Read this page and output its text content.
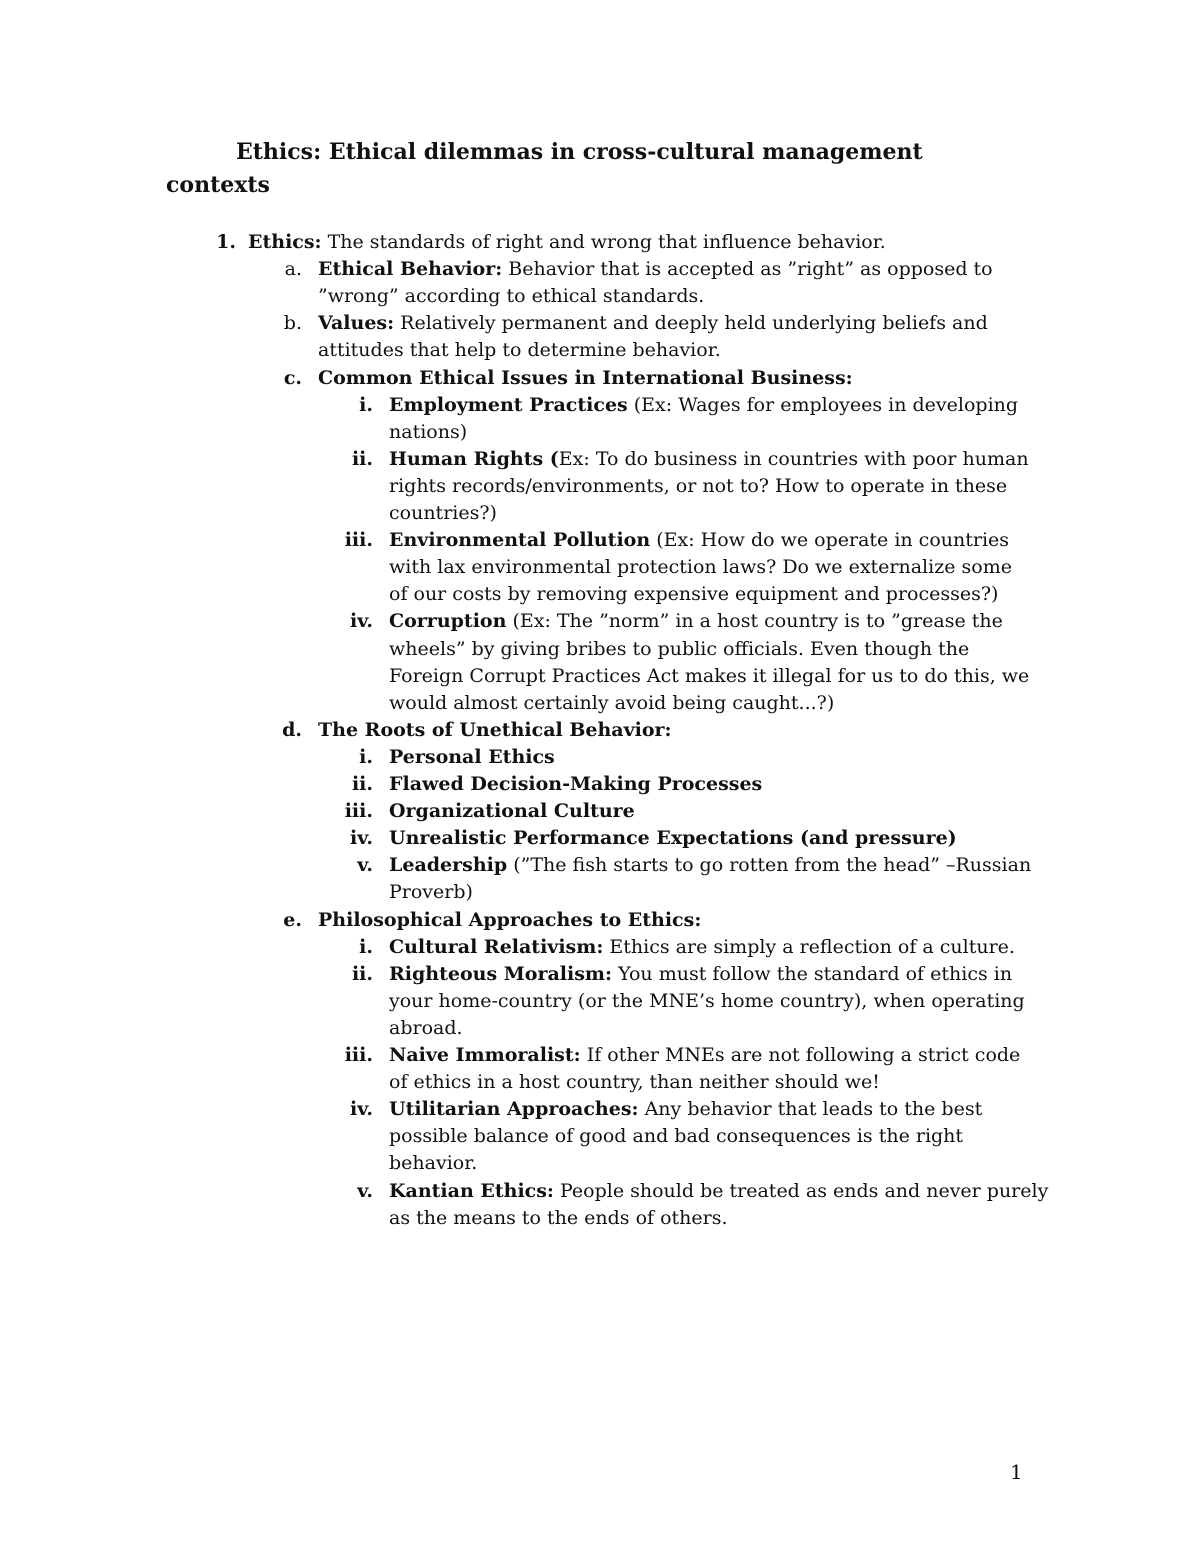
Ethics: Ethical dilemmas in cross-cultural management contexts
1. Ethics: The standards of right and wrong that influence behavior.
a. Ethical Behavior: Behavior that is accepted as ”right” as opposed to
”wrong” according to ethical standards.
b. Values: Relatively permanent and deeply held underlying beliefs and
attitudes that help to determine behavior.
c. Common Ethical Issues in International Business:
i. Employment Practices (Ex: Wages for employees in developing
nations)
ii. Human Rights (Ex: To do business in countries with poor human
rights records/environments, or not to? How to operate in these
countries?)
iii. Environmental Pollution (Ex: How do we operate in countries
with lax environmental protection laws? Do we externalize some
of our costs by removing expensive equipment and processes?)
iv. Corruption (Ex: The ”norm” in a host country is to ”grease the
wheels” by giving bribes to public officials. Even though the
Foreign Corrupt Practices Act makes it illegal for us to do this, we
would almost certainly avoid being caught...?)
d. The Roots of Unethical Behavior:
i. Personal Ethics
ii. Flawed Decision-Making Processes
iii. Organizational Culture
iv. Unrealistic Performance Expectations (and pressure)
v. Leadership (”The fish starts to go rotten from the head” –Russian
Proverb)
e. Philosophical Approaches to Ethics:
i. Cultural Relativism: Ethics are simply a reflection of a culture.
ii. Righteous Moralism: You must follow the standard of ethics in
your home-country (or the MNE’s home country), when operating
abroad.
iii. Naive Immoralist: If other MNEs are not following a strict code
of ethics in a host country, than neither should we!
iv. Utilitarian Approaches: Any behavior that leads to the best
possible balance of good and bad consequences is the right
behavior.
v. Kantian Ethics: People should be treated as ends and never purely
as the means to the ends of others.
1
